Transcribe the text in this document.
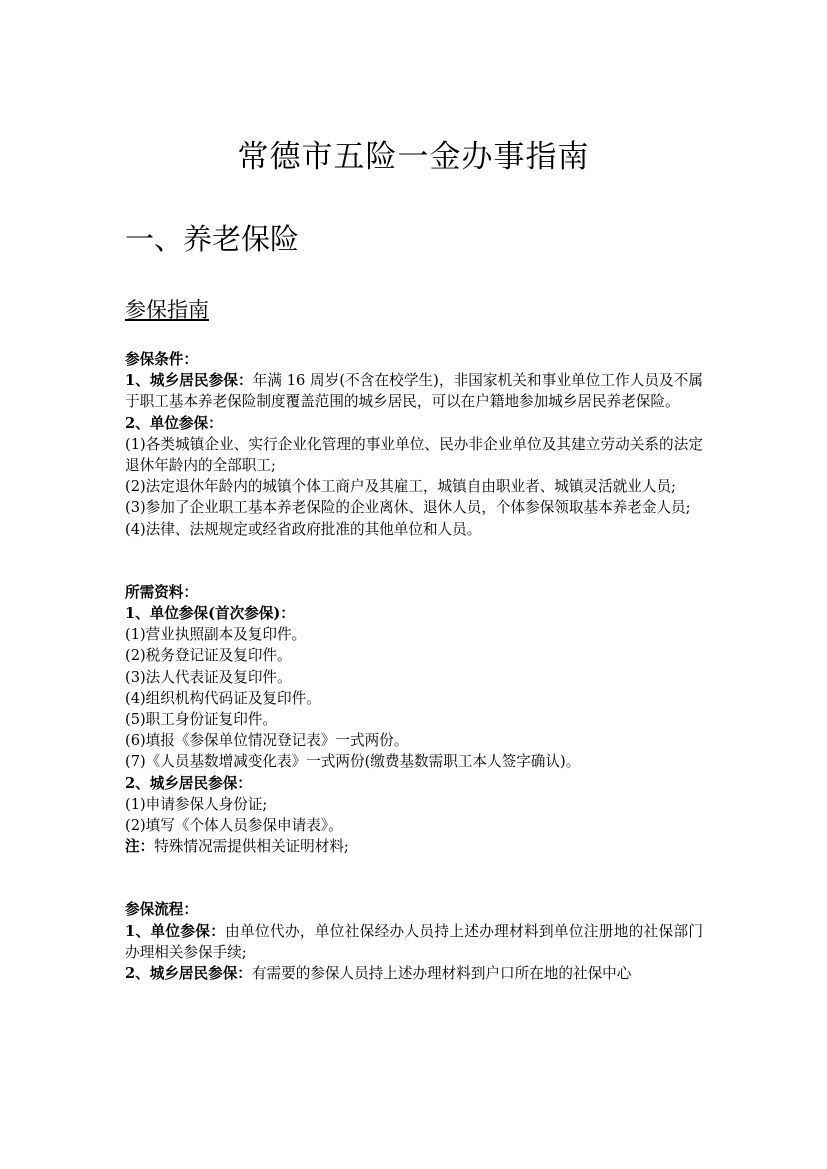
常德市五险一金办事指南
一、养老保险
参保指南

参保条件：

1、城乡居民参保：年满 16 周岁(不含在校学生)，非国家机关和事业单位工作人员及不属于职工基本养老保险制度覆盖范围的城乡居民，可以在户籍地参加城乡居民养老保险。

2、单位参保：

(1)各类城镇企业、实行企业化管理的事业单位、民办非企业单位及其建立劳动关系的法定退休年龄内的全部职工;

(2)法定退休年龄内的城镇个体工商户及其雇工，城镇自由职业者、城镇灵活就业人员;

(3)参加了企业职工基本养老保险的企业离休、退休人员，个体参保领取基本养老金人员;

(4)法律、法规规定或经省政府批准的其他单位和人员。

所需资料：

1、单位参保(首次参保)：

(1)营业执照副本及复印件。

(2)税务登记证及复印件。

(3)法人代表证及复印件。

(4)组织机构代码证及复印件。

(5)职工身份证复印件。

(6)填报《参保单位情况登记表》一式两份。

(7)《人员基数增减变化表》一式两份(缴费基数需职工本人签字确认)。

2、城乡居民参保：

(1)申请参保人身份证;

(2)填写《个体人员参保申请表》。

注：特殊情况需提供相关证明材料;

参保流程：

1、单位参保：由单位代办，单位社保经办人员持上述办理材料到单位注册地的社保部门办理相关参保手续;

2、城乡居民参保：有需要的参保人员持上述办理材料到户口所在地的社保中心
